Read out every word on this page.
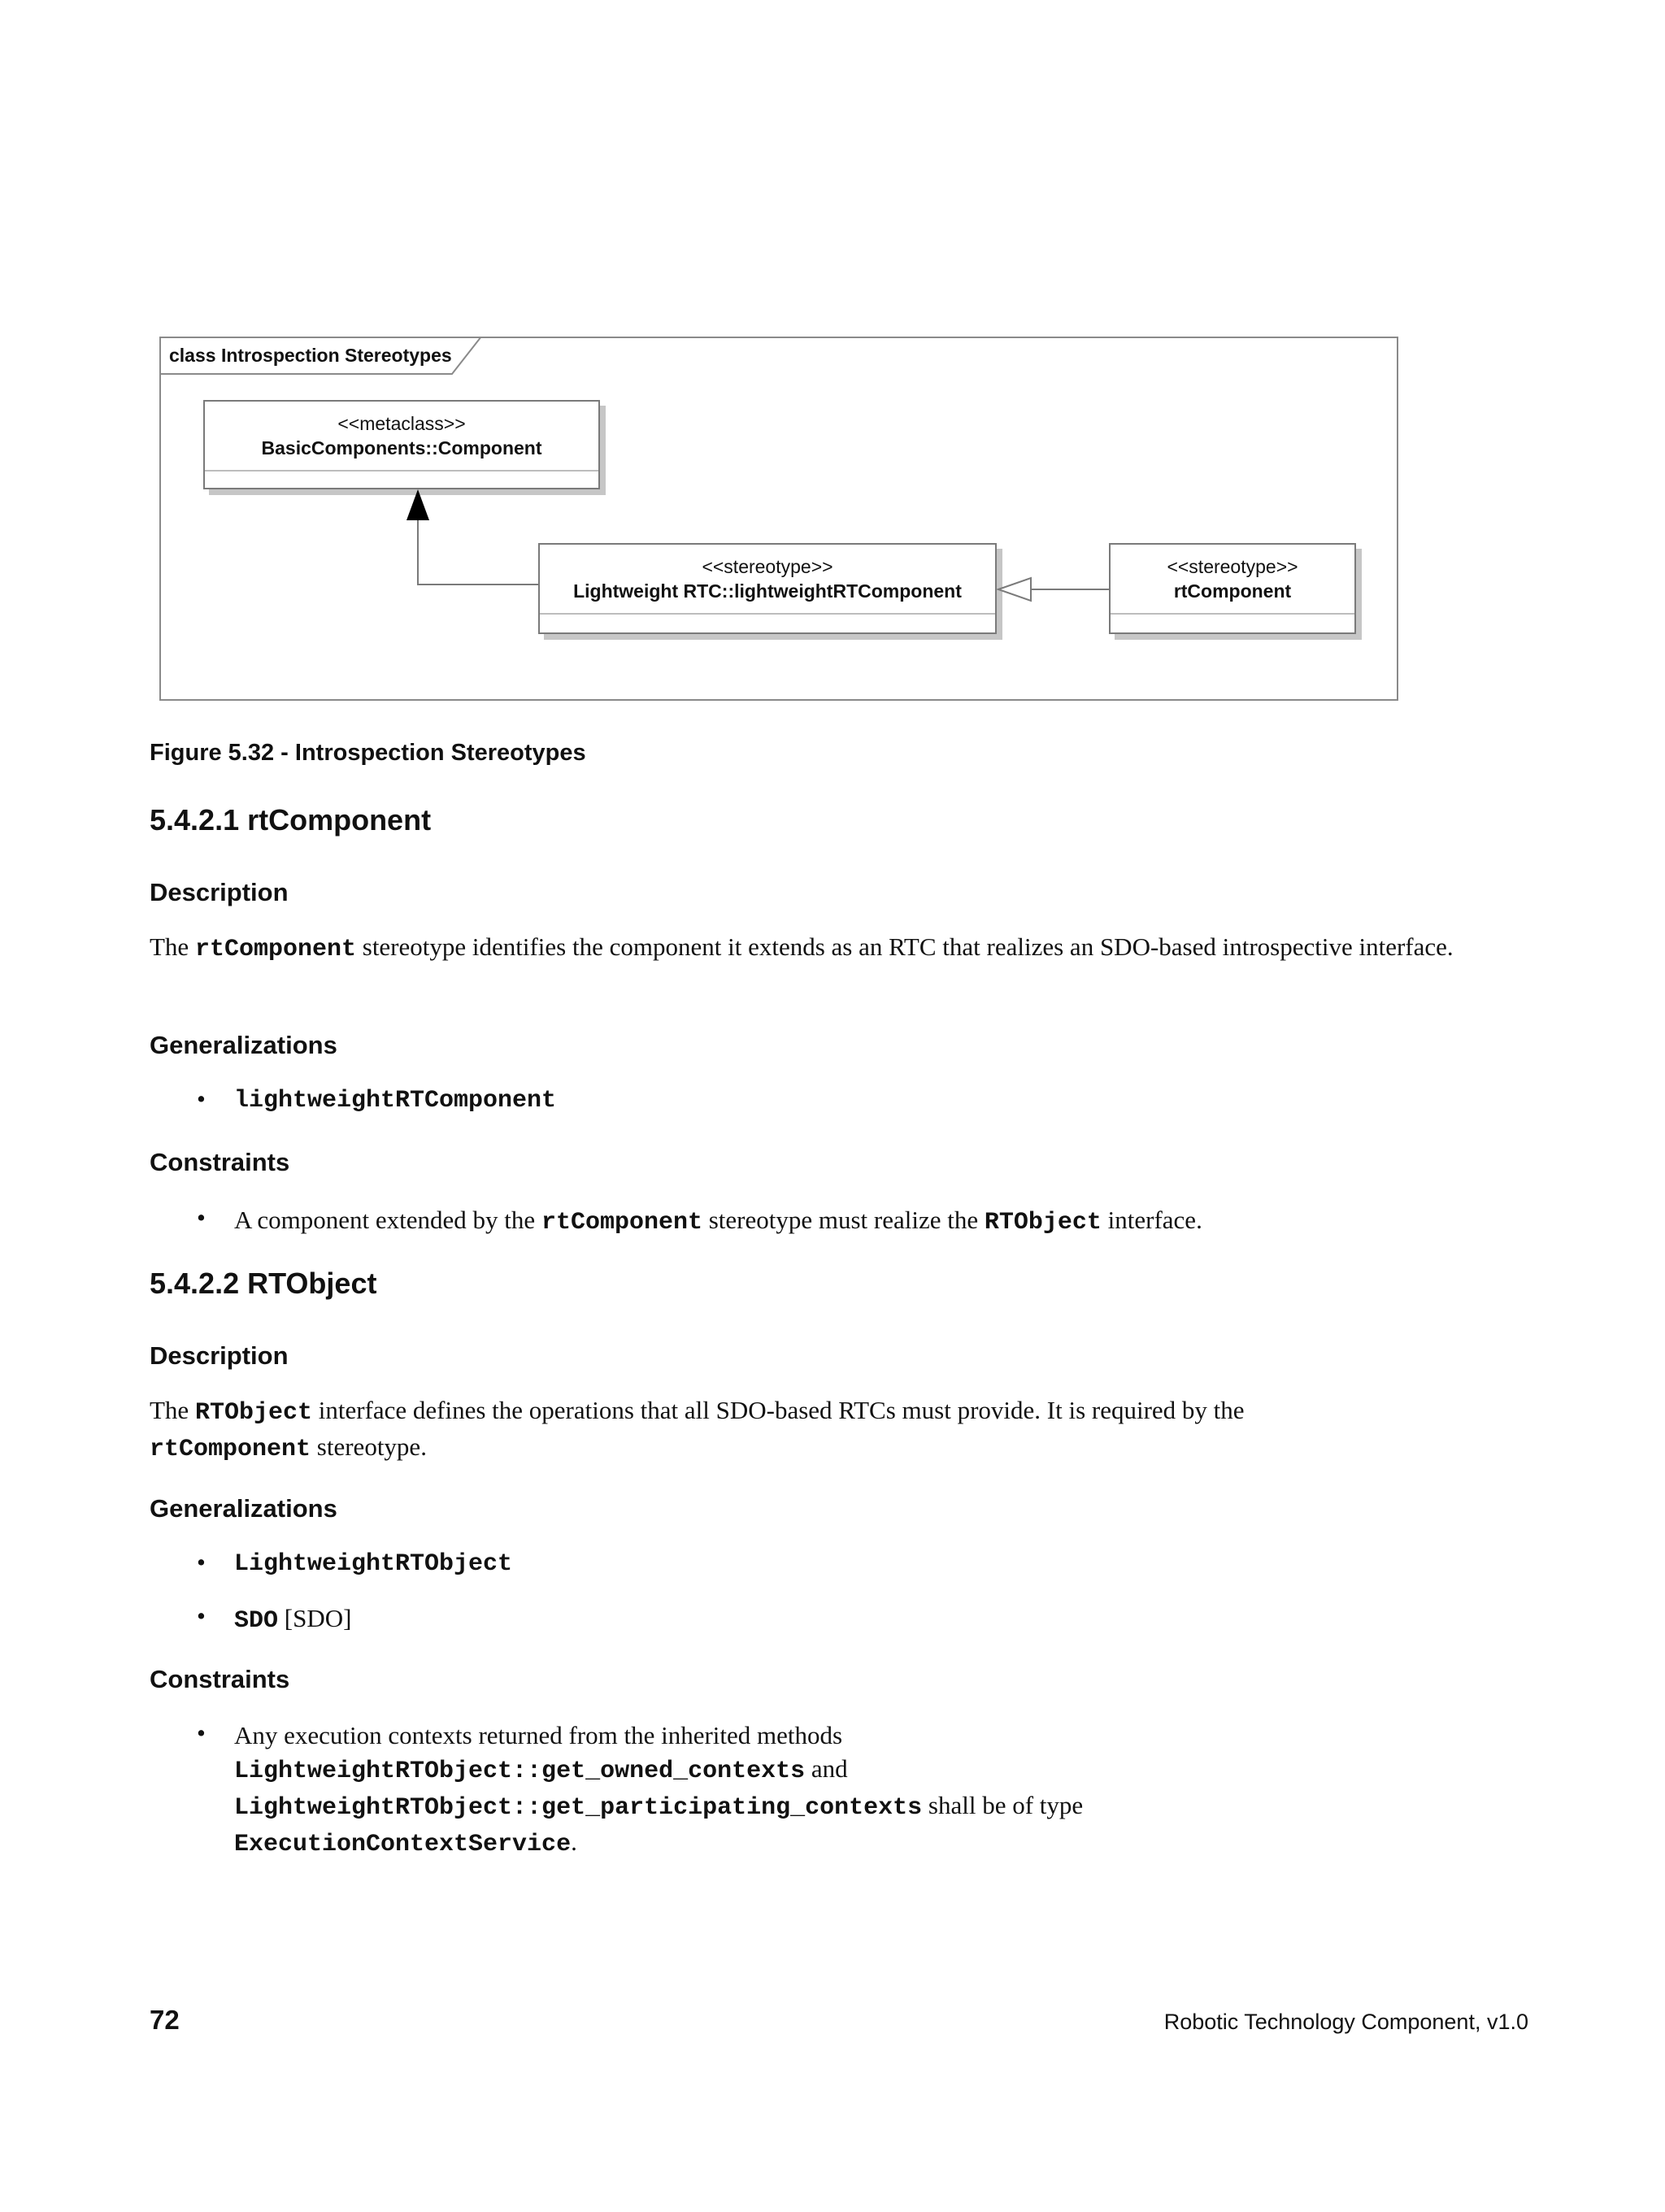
class Introspection Stereotypes
<<metaclass>>
BasicComponents::Component
<<stereotype>>
Lightweight RTC::lightweightRTComponent
<<stereotype>>
rtComponent
Figure 5.32 - Introspection Stereotypes
5.4.2.1 rtComponent
Description
The rtComponent stereotype identifies the component it extends as an RTC that realizes an SDO-based introspective interface.
Generalizations
• lightweightRTComponent
Constraints
• A component extended by the rtComponent stereotype must realize the RTObject interface.
5.4.2.2 RTObject
Description
The RTObject interface defines the operations that all SDO-based RTCs must provide. It is required by the
rtComponent stereotype.
Generalizations
• LightweightRTObject
• SDO [SDO]
Constraints
• Any execution contexts returned from the inherited methods
LightweightRTObject::get_owned_contexts and
LightweightRTObject::get_participating_contexts shall be of type
ExecutionContextService.
72	Robotic Technology Component, v1.0
